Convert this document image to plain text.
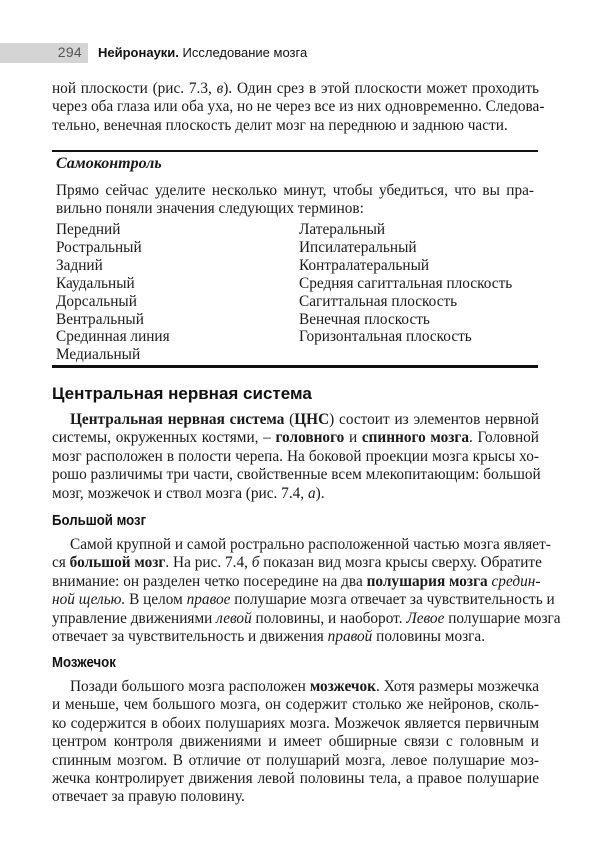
294 Нейронауки. Исследование мозга
ной плоскости (рис. 7.3, в). Один срез в этой плоскости может проходить
через оба глаза или оба уха, но не через все из них одновременно. Следова-
тельно, венечная плоскость делит мозг на переднюю и заднюю части.
Самоконтроль
Прямо сейчас уделите несколько минут, чтобы убедиться, что вы пра-
вильно поняли значения следующих терминов:
Передний
Ростральный
Задний
Каудальный
Дорсальный
Вентральный
Срединная линия
Медиальный
Латеральный
Ипсилатеральный
Контралатеральный
Средняя сагиттальная плоскость
Сагиттальная плоскость
Венечная плоскость
Горизонтальная плоскость
Центральная нервная система
Центральная нервная система (ЦНС) состоит из элементов нервной
системы, окруженных костями, – головного и спинного мозга. Головной
мозг расположен в полости черепа. На боковой проекции мозга крысы хо-
рошо различимы три части, свойственные всем млекопитающим: большой
мозг, мозжечок и ствол мозга (рис. 7.4, а).
Большой мозг
Самой крупной и самой рострально расположенной частью мозга являет-
ся большой мозг. На рис. 7.4, б показан вид мозга крысы сверху. Обратите
внимание: он разделен четко посередине на два полушария мозга средин-
ной щелью. В целом правое полушарие мозга отвечает за чувствительность и
управление движениями левой половины, и наоборот. Левое полушарие мозга
отвечает за чувствительность и движения правой половины мозга.
Мозжечок
Позади большого мозга расположен мозжечок. Хотя размеры мозжечка
и меньше, чем большого мозга, он содержит столько же нейронов, сколь-
ко содержится в обоих полушариях мозга. Мозжечок является первичным
центром контроля движениями и имеет обширные связи с головным и
спинным мозгом. В отличие от полушарий мозга, левое полушарие моз-
жечка контролирует движения левой половины тела, а правое полушарие
отвечает за правую половину.
